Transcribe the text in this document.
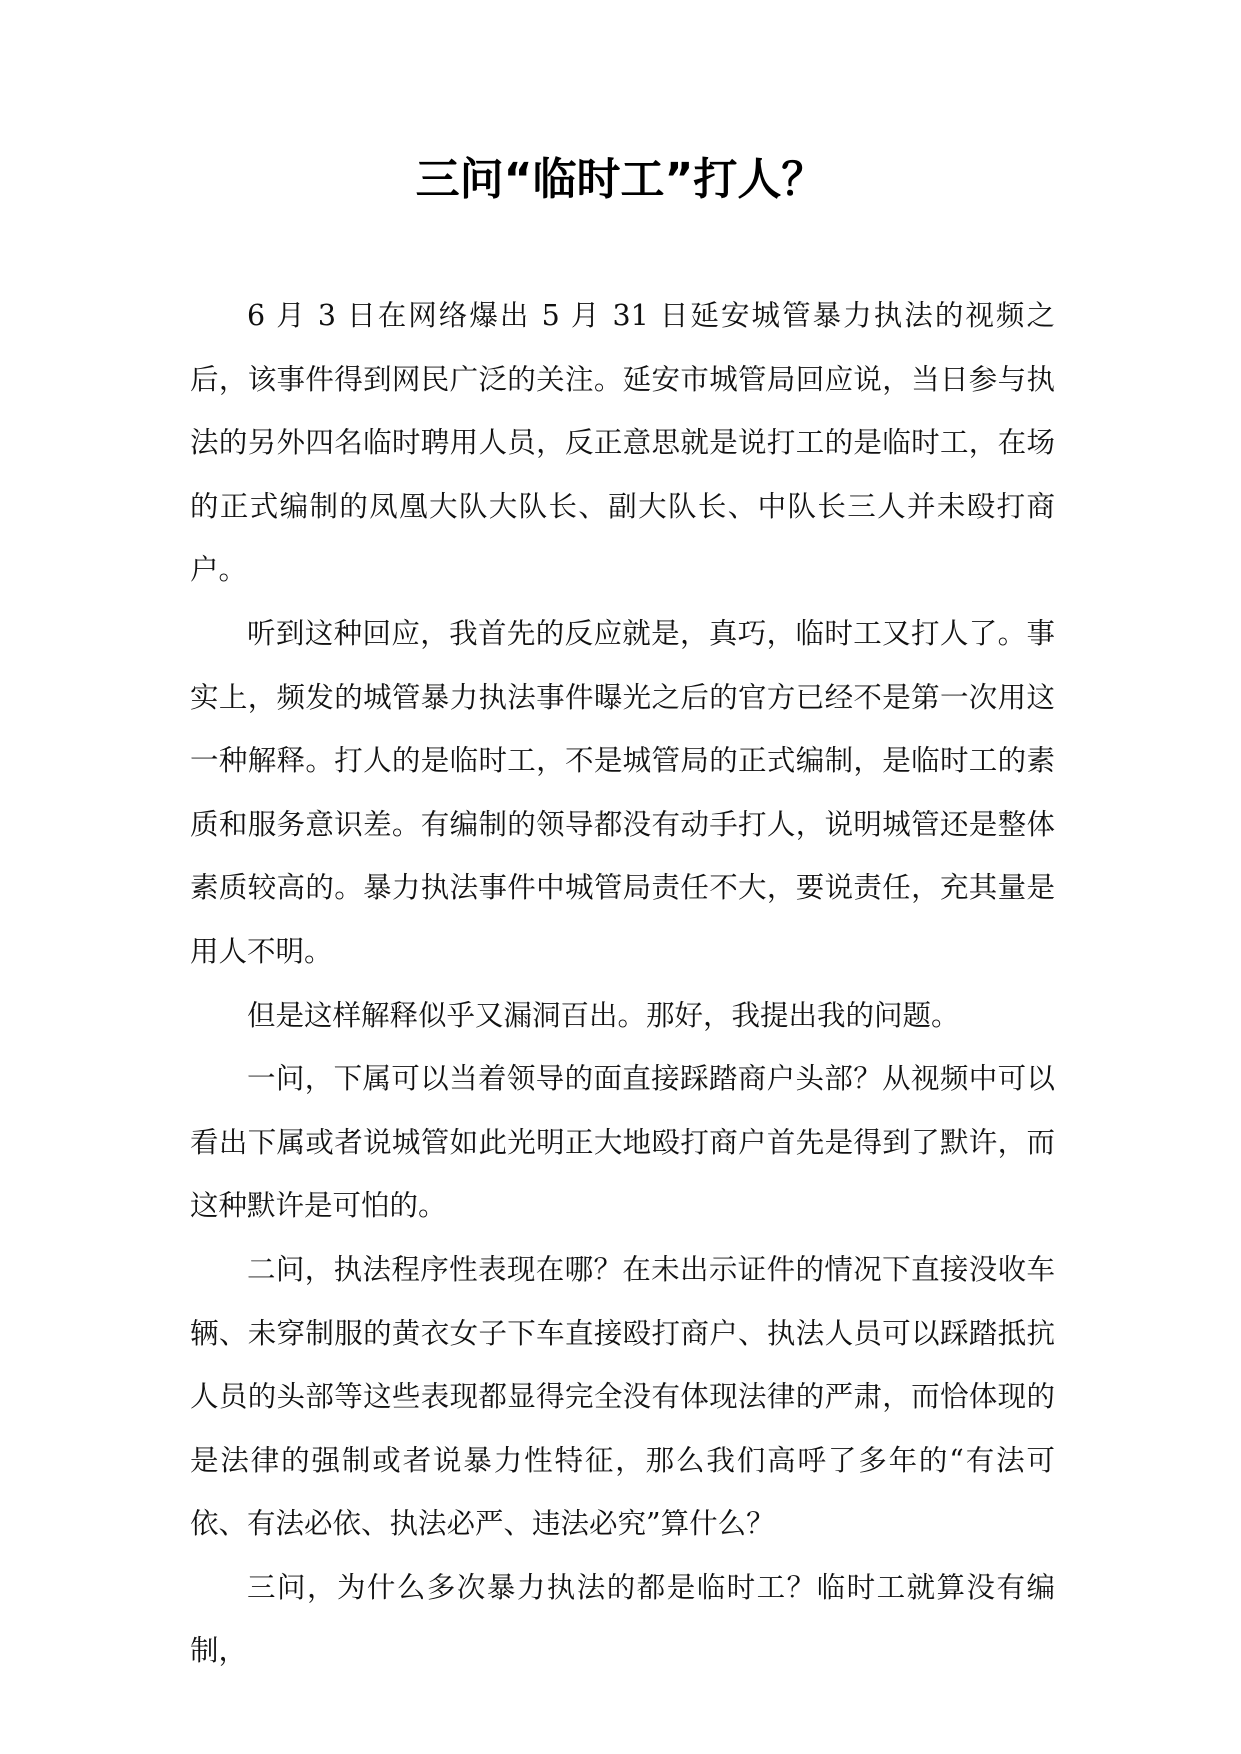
三问“临时工”打人？

6 月 3 日在网络爆出 5 月 31 日延安城管暴力执法的视频之后，该事件得到网民广泛的关注。延安市城管局回应说，当日参与执法的另外四名临时聘用人员，反正意思就是说打工的是临时工，在场的正式编制的凤凰大队大队长、副大队长、中队长三人并未殴打商户。

听到这种回应，我首先的反应就是，真巧，临时工又打人了。事实上，频发的城管暴力执法事件曝光之后的官方已经不是第一次用这一种解释。打人的是临时工，不是城管局的正式编制，是临时工的素质和服务意识差。有编制的领导都没有动手打人，说明城管还是整体素质较高的。暴力执法事件中城管局责任不大，要说责任，充其量是用人不明。

但是这样解释似乎又漏洞百出。那好，我提出我的问题。

一问，下属可以当着领导的面直接踩踏商户头部？从视频中可以看出下属或者说城管如此光明正大地殴打商户首先是得到了默许，而这种默许是可怕的。

二问，执法程序性表现在哪？在未出示证件的情况下直接没收车辆、未穿制服的黄衣女子下车直接殴打商户、执法人员可以踩踏抵抗人员的头部等这些表现都显得完全没有体现法律的严肃，而恰体现的是法律的强制或者说暴力性特征，那么我们高呼了多年的“有法可依、有法必依、执法必严、违法必究”算什么？

三问，为什么多次暴力执法的都是临时工？临时工就算没有编制，
